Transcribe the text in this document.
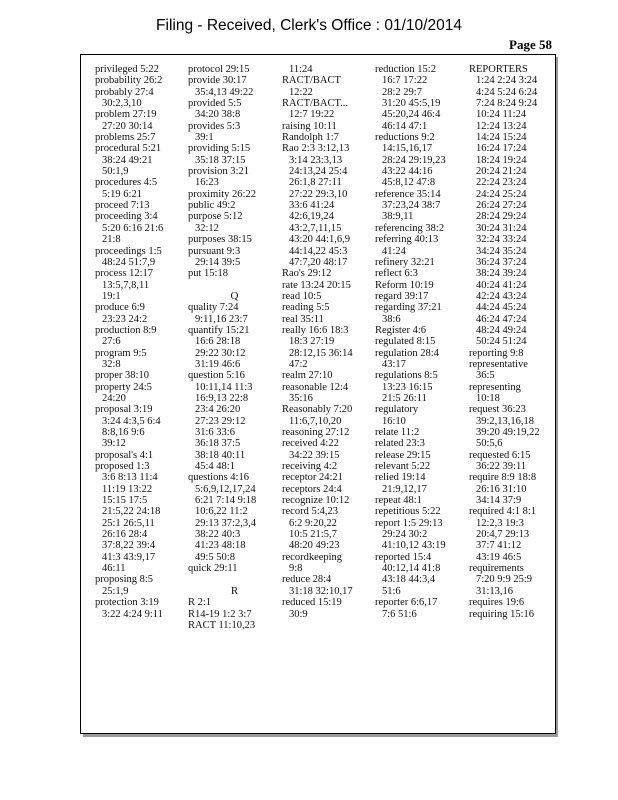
Filing - Received, Clerk's Office : 01/10/2014
Page 58
privileged 5:22
probability 26:2
probably 27:4
30:2,3,10
problem 27:19
27:20 30:14
problems 25:7
procedural 5:21
38:24 49:21
50:1,9
procedures 4:5
5:19 6:21
proceed 7:13
proceeding 3:4
5:20 6:16 21:6
21:8
proceedings 1:5
48:24 51:7,9
process 12:17
13:5,7,8,11
19:1
produce 6:9
23:23 24:2
production 8:9
27:6
program 9:5
32:8
proper 38:10
property 24:5
24:20
proposal 3:19
3:24 4:3,5 6:4
8:8,16 9:6
39:12
proposal's 4:1
proposed 1:3
3:6 8:13 11:4
11:19 13:22
15:15 17:5
21:5,22 24:18
25:1 26:5,11
26:16 28:4
37:8,22 39:4
41:3 43:9,17
46:11
proposing 8:5
25:1,9
protection 3:19
3:22 4:24 9:11
protocol 29:15
provide 30:17
35:4,13 49:22
provided 5:5
34:20 38:8
provides 5:3
39:1
providing 5:15
35:18 37:15
provision 3:21
16:23
proximity 26:22
public 49:2
purpose 5:12
32:12
purposes 38:15
pursuant 9:3
29:14 39:5
put 15:18

Q
quality 7:24
9:11,16 23:7
quantify 15:21
16:6 28:18
29:22 30:12
31:19 46:6
question 5:16
10:11,14 11:3
16:9,13 22:8
23:4 26:20
27:23 29:12
31:6 33:6
36:18 37:5
38:18 40:11
45:4 48:1
questions 4:16
5:6,9,12,17,24
6:21 7:14 9:18
10:6,22 11:2
29:13 37:2,3,4
38:22 40:3
41:23 48:18
49:5 50:8
quick 29:11

R
R 2:1
R14-19 1:2 3:7
RACT 11:10,23
11:24
RACT/BACT
12:22
RACT/BACT...
12:7 19:22
raising 10:11
Randolph 1:7
Rao 2:3 3:12,13
3:14 23:3,13
24:13,24 25:4
26:1,8 27:11
27:22 29:3,10
33:6 41:24
42:6,19,24
43:2,7,11,15
43:20 44:1,6,9
44:14,22 45:3
47:7,20 48:17
Rao's 29:12
rate 13:24 20:15
read 10:5
reading 5:5
real 35:11
really 16:6 18:3
18:3 27:19
28:12,15 36:14
47:2
realm 27:10
reasonable 12:4
35:16
Reasonably 7:20
11:6,7,10,20
reasoning 27:12
received 4:22
34:22 39:15
receiving 4:2
receptor 24:21
receptors 24:4
recognize 10:12
record 5:4,23
6:2 9:20,22
10:5 21:5,7
48:20 49:23
recordkeeping
9:8
reduce 28:4
31:18 32:10,17
reduced 15:19
30:9
reduction 15:2
16:7 17:22
28:2 29:7
31:20 45:5,19
45:20,24 46:4
46:14 47:1
reductions 9:2
14:15,16,17
28:24 29:19,23
43:22 44:16
45:8,12 47:8
reference 35:14
37:23,24 38:7
38:9,11
referencing 38:2
referring 40:13
41:24
refinery 32:21
reflect 6:3
Reform 10:19
regard 39:17
regarding 37:21
38:6
Register 4:6
regulated 8:15
regulation 28:4
43:17
regulations 8:5
13:23 16:15
21:5 26:11
regulatory
16:10
relate 11:2
related 23:3
release 29:15
relevant 5:22
relied 19:14
21:9,12,17
repeat 48:1
repetitious 5:22
report 1:5 29:13
29:24 30:2
41:10,12 43:19
reported 15:4
40:12,14 41:8
43:18 44:3,4
51:6
reporter 6:6,17
7:6 51:6
REPORTERS
1:24 2:24 3:24
4:24 5:24 6:24
7:24 8:24 9:24
10:24 11:24
12:24 13:24
14:24 15:24
16:24 17:24
18:24 19:24
20:24 21:24
22:24 23:24
24:24 25:24
26:24 27:24
28:24 29:24
30:24 31:24
32:24 33:24
34:24 35:24
36:24 37:24
38:24 39:24
40:24 41:24
42:24 43:24
44:24 45:24
46:24 47:24
48:24 49:24
50:24 51:24
reporting 9:8
representative
36:5
representing
10:18
request 36:23
39:2,13,16,18
39:20 49:19,22
50:5,6
requested 6:15
36:22 39:11
require 8:9 18:8
26:16 31:10
34:14 37:9
required 4:1 8:1
12:2,3 19:3
20:4,7 29:13
37:7 41:12
43:19 46:5
requirements
7:20 9:9 25:9
31:13,16
requires 19:6
requiring 15:16
